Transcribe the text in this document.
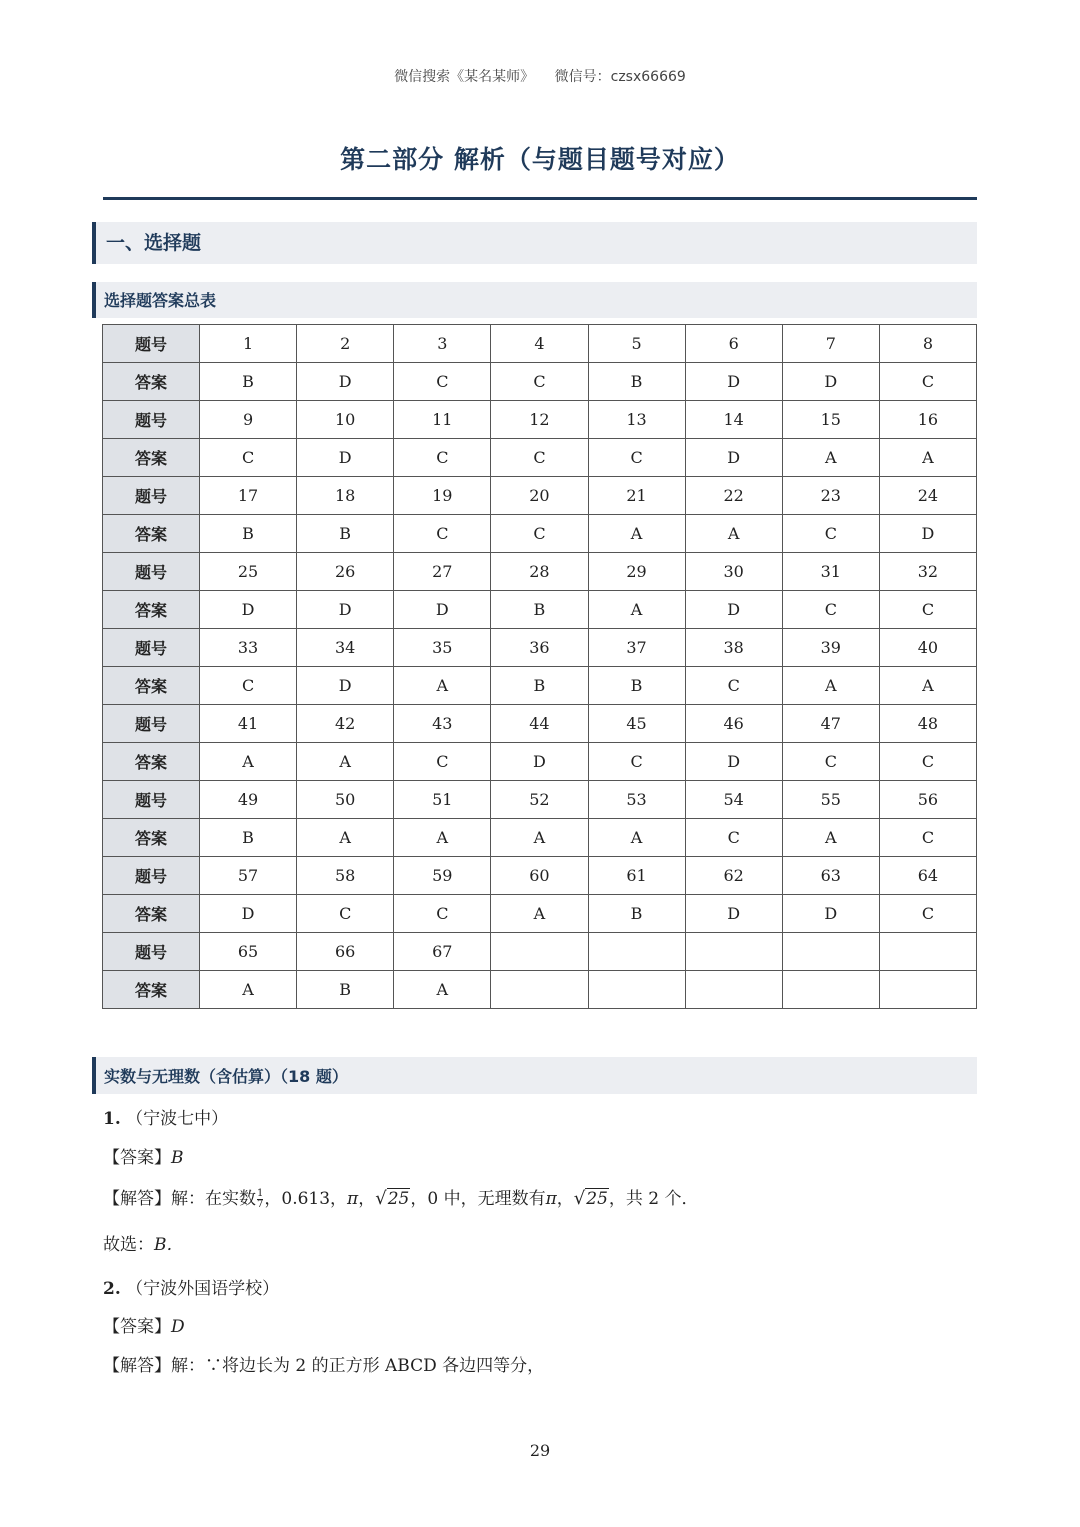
微信搜索《某名某师》 微信号：czsx66669
第二部分 解析（与题目题号对应）
一、选择题
选择题答案总表
题号	1	2	3	4	5	6	7	8
答案	B	D	C	C	B	D	D	C
题号	9	10	11	12	13	14	15	16
答案	C	D	C	C	C	D	A	A
题号	17	18	19	20	21	22	23	24
答案	B	B	C	C	A	A	C	D
题号	25	26	27	28	29	30	31	32
答案	D	D	D	B	A	D	C	C
题号	33	34	35	36	37	38	39	40
答案	C	D	A	B	B	C	A	A
题号	41	42	43	44	45	46	47	48
答案	A	A	C	D	C	D	C	C
题号	49	50	51	52	53	54	55	56
答案	B	A	A	A	A	C	A	C
题号	57	58	59	60	61	62	63	64
答案	D	C	C	A	B	D	D	C
题号	65	66	67					
答案	A	B	A					
实数与无理数（含估算）（18 题）
1. （宁波七中）
【答案】B
【解答】解：在实数 $\frac{1}{7}$ ，0.613，π，√25，0 中，无理数有π，√25，共 2 个．
故选：B．
2. （宁波外国语学校）
【答案】D
【解答】解：∵将边长为 2 的正方形 ABCD 各边四等分，
29
